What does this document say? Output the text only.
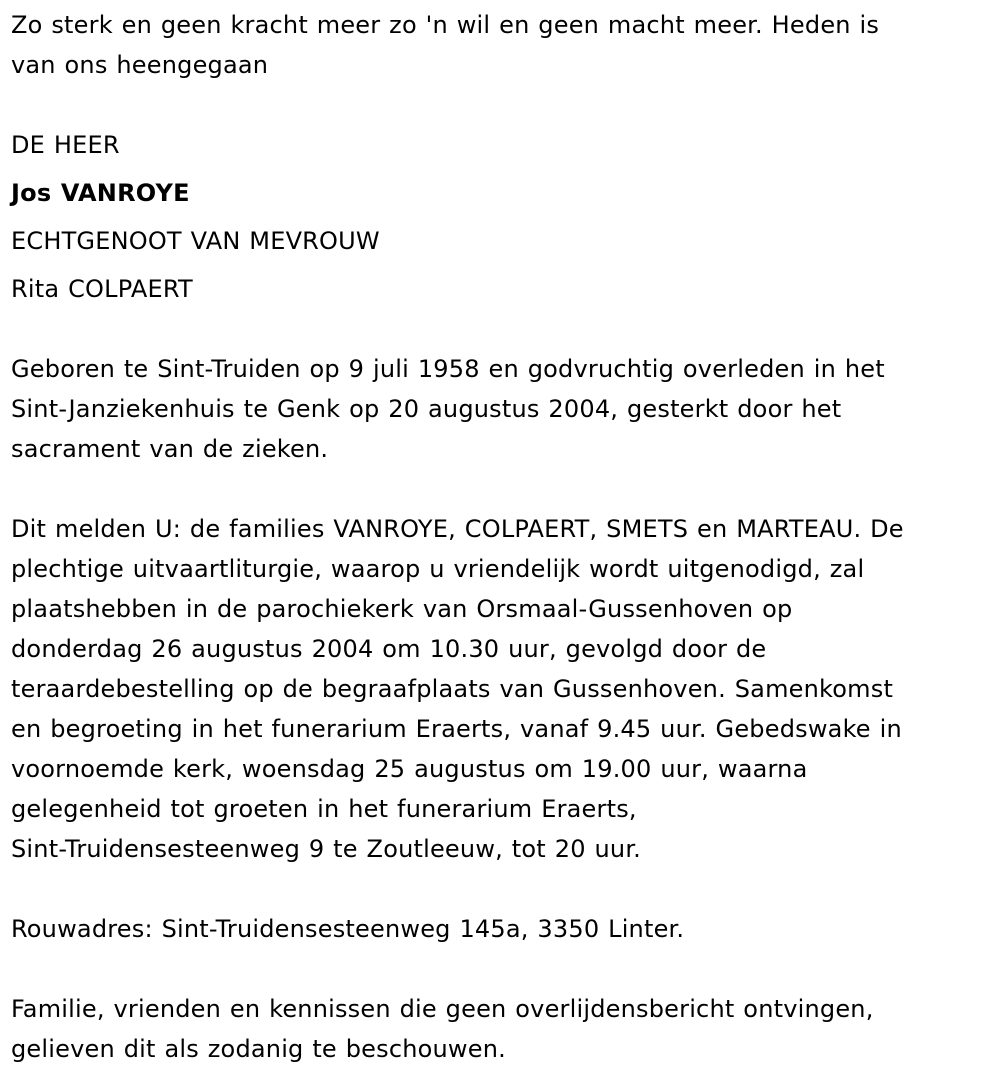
Zo sterk en geen kracht meer zo 'n wil en geen macht meer. Heden is
van ons heengegaan
DE HEER
Jos VANROYE
ECHTGENOOT VAN MEVROUW
Rita COLPAERT
Geboren te Sint-Truiden op 9 juli 1958 en godvruchtig overleden in het
Sint-Janziekenhuis te Genk op 20 augustus 2004, gesterkt door het
sacrament van de zieken.
Dit melden U: de families VANROYE, COLPAERT, SMETS en MARTEAU. De
plechtige uitvaartliturgie, waarop u vriendelijk wordt uitgenodigd, zal
plaatshebben in de parochiekerk van Orsmaal-Gussenhoven op
donderdag 26 augustus 2004 om 10.30 uur, gevolgd door de
teraardebestelling op de begraafplaats van Gussenhoven. Samenkomst
en begroeting in het funerarium Eraerts, vanaf 9.45 uur. Gebedswake in
voornoemde kerk, woensdag 25 augustus om 19.00 uur, waarna
gelegenheid tot groeten in het funerarium Eraerts,
Sint-Truidensesteenweg 9 te Zoutleeuw, tot 20 uur.
Rouwadres: Sint-Truidensesteenweg 145a, 3350 Linter.
Familie, vrienden en kennissen die geen overlijdensbericht ontvingen,
gelieven dit als zodanig te beschouwen.
